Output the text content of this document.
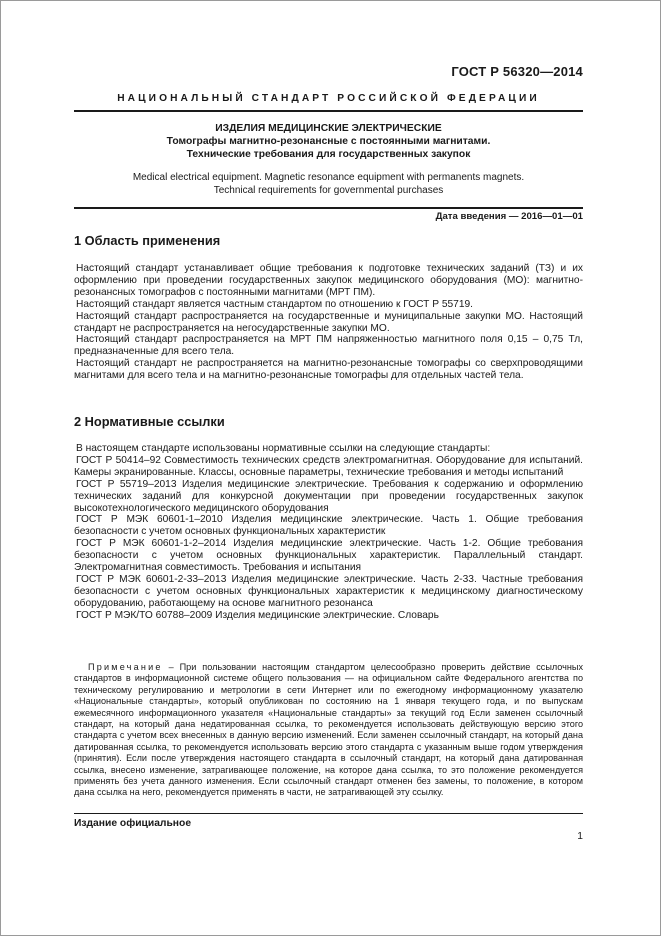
ГОСТ Р 56320—2014
НАЦИОНАЛЬНЫЙ СТАНДАРТ РОССИЙСКОЙ ФЕДЕРАЦИИ
ИЗДЕЛИЯ МЕДИЦИНСКИЕ ЭЛЕКТРИЧЕСКИЕ
Томографы магнитно-резонансные с постоянными магнитами.
Технические требования для государственных закупок
Medical electrical equipment. Magnetic resonance equipment with permanents magnets.
Technical requirements for governmental purchases
Дата введения — 2016—01—01
1 Область применения

Настоящий стандарт устанавливает общие требования к подготовке технических заданий (ТЗ) и их оформлению при проведении государственных закупок медицинского оборудования (МО): магнитно-резонансных томографов с постоянными магнитами (МРТ ПМ).

Настоящий стандарт является частным стандартом по отношению к ГОСТ Р 55719.

Настоящий стандарт распространяется на государственные и муниципальные закупки МО. Настоящий стандарт не распространяется на негосударственные закупки МО.

Настоящий стандарт распространяется на МРТ ПМ напряженностью магнитного поля 0,15 – 0,75 Тл, предназначенные для всего тела.

Настоящий стандарт не распространяется на магнитно-резонансные томографы со сверхпроводящими магнитами для всего тела и на магнитно-резонансные томографы для отдельных частей тела.

2 Нормативные ссылки

В настоящем стандарте использованы нормативные ссылки на следующие стандарты:

ГОСТ Р 50414–92 Совместимость технических средств электромагнитная. Оборудование для испытаний. Камеры экранированные. Классы, основные параметры, технические требования и методы испытаний

ГОСТ Р 55719–2013 Изделия медицинские электрические. Требования к содержанию и оформлению технических заданий для конкурсной документации при проведении государственных закупок высокотехнологического медицинского оборудования

ГОСТ Р МЭК 60601-1–2010 Изделия медицинские электрические. Часть 1. Общие требования безопасности с учетом основных функциональных характеристик

ГОСТ Р МЭК 60601-1-2–2014 Изделия медицинские электрические. Часть 1-2. Общие требования безопасности с учетом основных функциональных характеристик. Параллельный стандарт. Электромагнитная совместимость. Требования и испытания

ГОСТ Р МЭК 60601-2-33–2013 Изделия медицинские электрические. Часть 2-33. Частные требования безопасности с учетом основных функциональных характеристик к медицинскому диагностическому оборудованию, работающему на основе магнитного резонанса

ГОСТ Р МЭК/ТО 60788–2009 Изделия медицинские электрические. Словарь

Примечание – При пользовании настоящим стандартом целесообразно проверить действие ссылочных стандартов в информационной системе общего пользования — на официальном сайте Федерального агентства по техническому регулированию и метрологии в сети Интернет или по ежегодному информационному указателю «Национальные стандарты», который опубликован по состоянию на 1 января текущего года, и по выпускам ежемесячного информационного указателя «Национальные стандарты» за текущий год Если заменен ссылочный стандарт, на который дана недатированная ссылка, то рекомендуется использовать действующую версию этого стандарта с учетом всех внесенных в данную версию изменений. Если заменен ссылочный стандарт, на который дана датированная ссылка, то рекомендуется использовать версию этого стандарта с указанным выше годом утверждения (принятия). Если после утверждения настоящего стандарта в ссылочный стандарт, на который дана датированная ссылка, внесено изменение, затрагивающее положение, на которое дана ссылка, то это положение рекомендуется применять без учета данного изменения. Если ссылочный стандарт отменен без замены, то положение, в котором дана ссылка на него, рекомендуется применять в части, не затрагивающей эту ссылку.

Издание официальное
1
